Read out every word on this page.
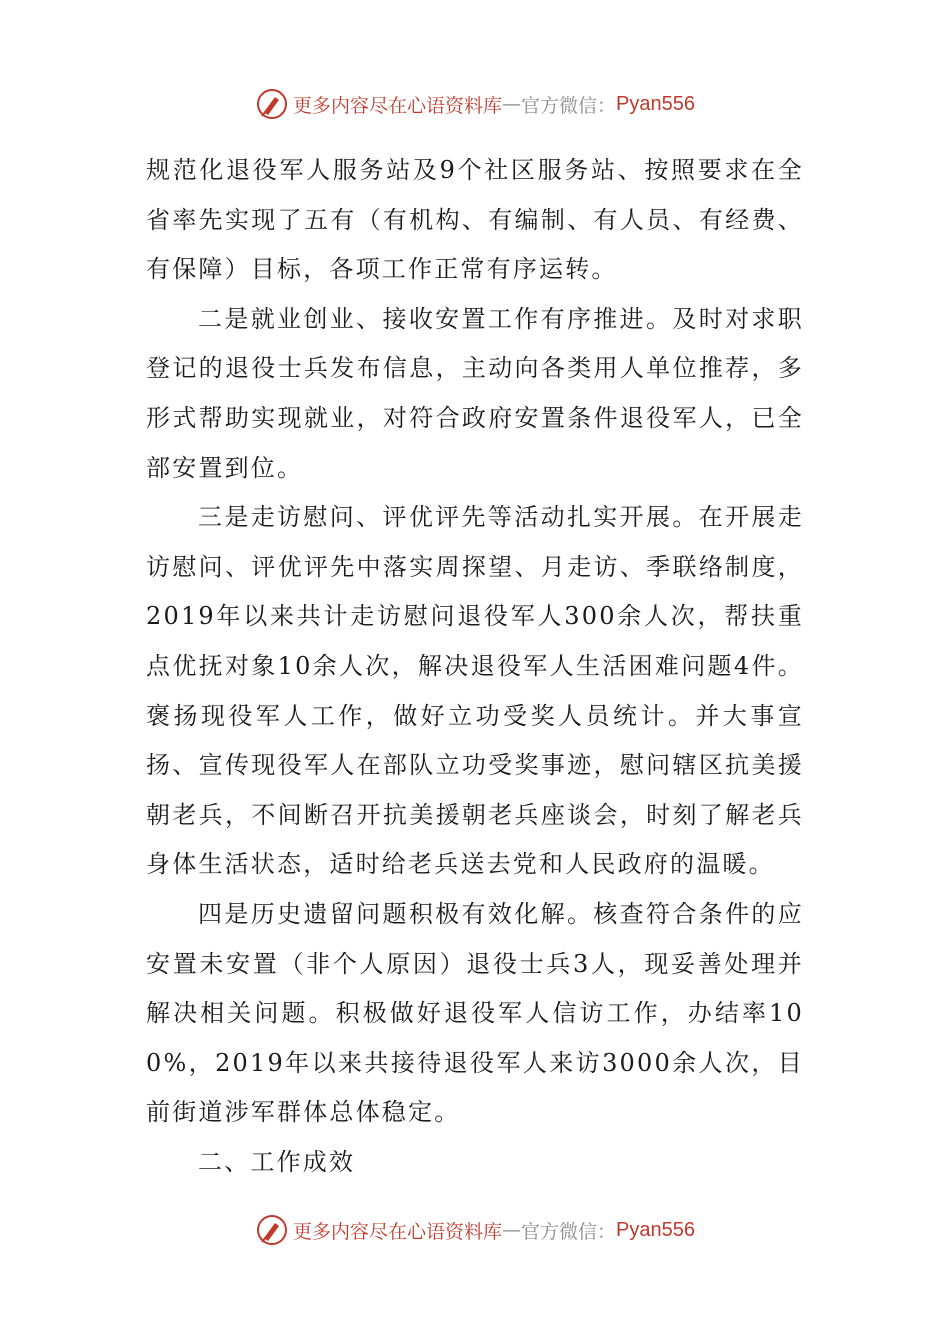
更多内容尽在心语资料库 — 官方微信： Pyan556

规范化退役军人服务站及9个社区服务站、按照要求在全省率先实现了五有（有机构、有编制、有人员、有经费、有保障）目标，各项工作正常有序运转。

二是就业创业、接收安置工作有序推进。及时对求职登记的退役士兵发布信息，主动向各类用人单位推荐，多形式帮助实现就业，对符合政府安置条件退役军人，已全部安置到位。

三是走访慰问、评优评先等活动扎实开展。在开展走访慰问、评优评先中落实周探望、月走访、季联络制度，2019年以来共计走访慰问退役军人300余人次，帮扶重点优抚对象10余人次，解决退役军人生活困难问题4件。褒扬现役军人工作，做好立功受奖人员统计。并大事宣扬、宣传现役军人在部队立功受奖事迹，慰问辖区抗美援朝老兵，不间断召开抗美援朝老兵座谈会，时刻了解老兵身体生活状态，适时给老兵送去党和人民政府的温暖。

四是历史遗留问题积极有效化解。核查符合条件的应安置未安置（非个人原因）退役士兵3人，现妥善处理并解决相关问题。积极做好退役军人信访工作，办结率100%，2019年以来共接待退役军人来访3000余人次，目前街道涉军群体总体稳定。

二、工作成效

更多内容尽在心语资料库 — 官方微信： Pyan556
